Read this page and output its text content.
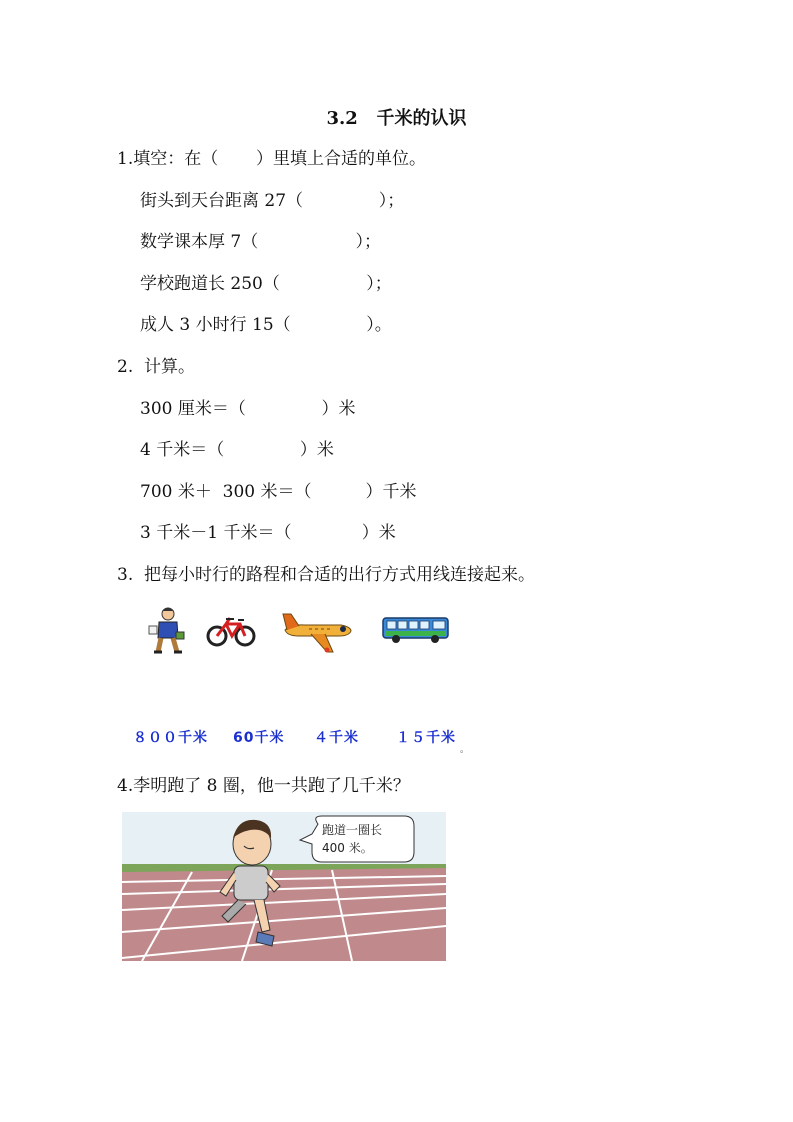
3.2   千米的认识
1.填空：在（       ）里填上合适的单位。
街头到天台距离 27（              ）；
数学课本厚 7（                  ）；
学校跑道长 250（                ）；
成人 3 小时行 15（              ）。
2.  计算。
300 厘米＝（              ）米
4 千米＝（              ）米
700 米＋  300 米＝（          ）千米
3 千米－1 千米＝（             ）米
3.  把每小时行的路程和合适的出行方式用线连接起来。
８００千米 60千米 ４千米	１５千米
。
4.李明跑了 8 圈，他一共跑了几千米？
跑道一圈长
400 米。
